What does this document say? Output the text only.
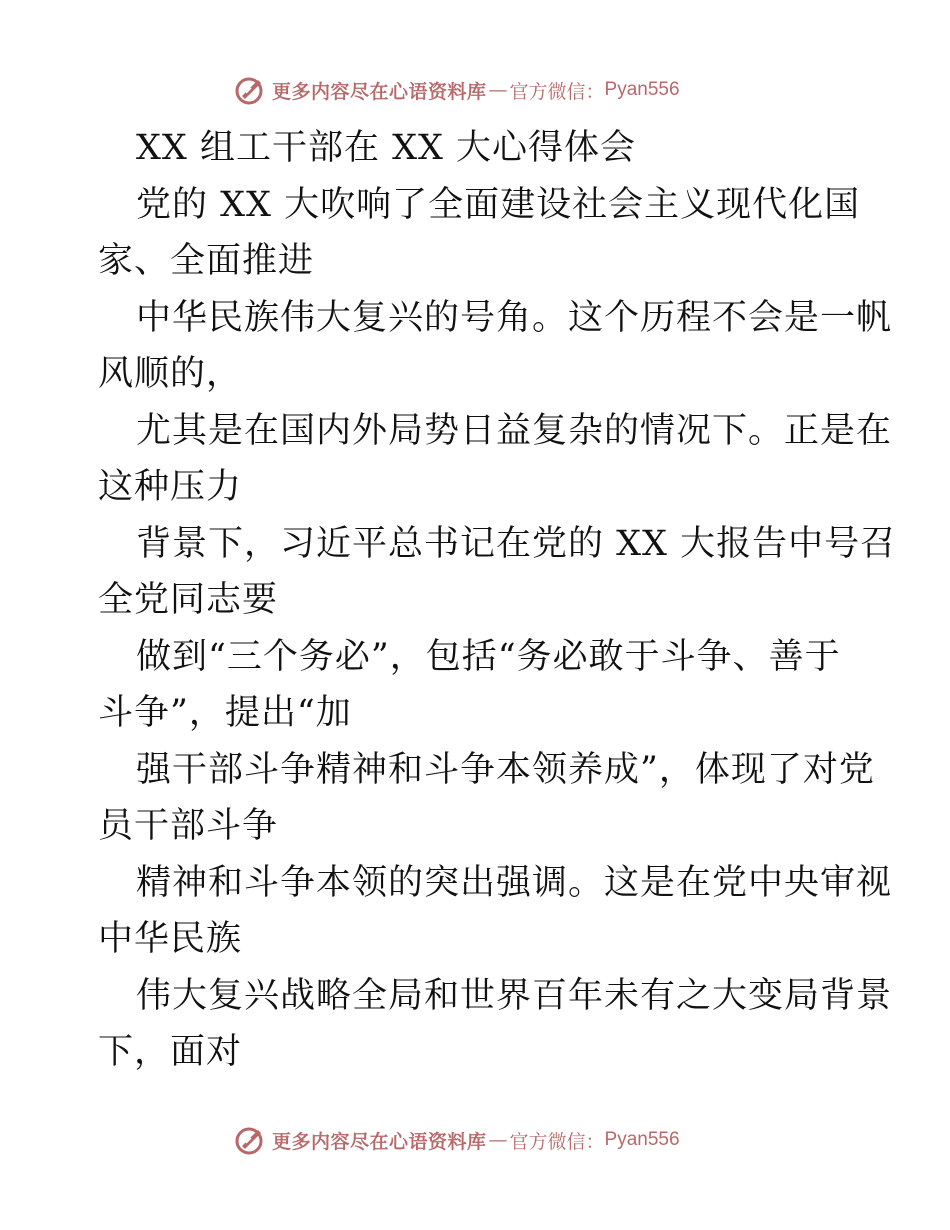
更多内容尽在心语资料库 — 官方微信： Pyan556
XX 组工干部在 XX 大心得体会
党的 XX 大吹响了全面建设社会主义现代化国
家、全面推进
中华民族伟大复兴的号角。这个历程不会是一帆
风顺的，
尤其是在国内外局势日益复杂的情况下。正是在
这种压力
背景下，习近平总书记在党的 XX 大报告中号召
全党同志要
做到“三个务必”，包括“务必敢于斗争、善于
斗争”，提出“加
强干部斗争精神和斗争本领养成”，体现了对党
员干部斗争
精神和斗争本领的突出强调。这是在党中央审视
中华民族
伟大复兴战略全局和世界百年未有之大变局背景
下，面对
更多内容尽在心语资料库 — 官方微信： Pyan556
